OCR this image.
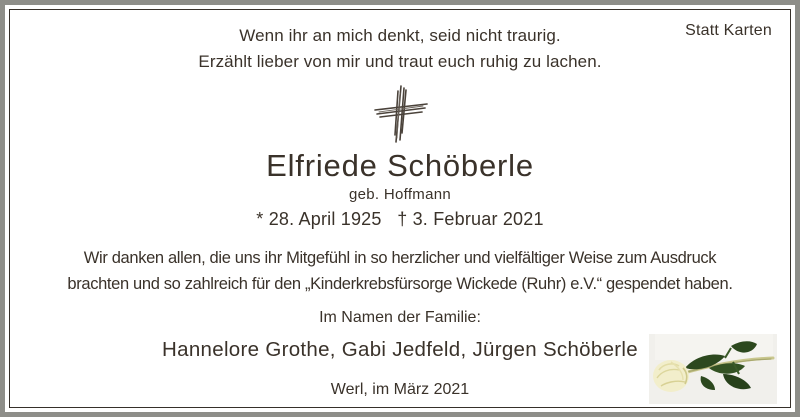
Statt Karten
Wenn ihr an mich denkt, seid nicht traurig.
Erzählt lieber von mir und traut euch ruhig zu lachen.
Elfriede Schöberle
geb. Hoffmann
* 28. April 1925   † 3. Februar 2021
Wir danken allen, die uns ihr Mitgefühl in so herzlicher und vielfältiger Weise zum Ausdruck
brachten und so zahlreich für den „Kinderkrebsfürsorge Wickede (Ruhr) e.V.“ gespendet haben.
Im Namen der Familie:
Hannelore Grothe, Gabi Jedfeld, Jürgen Schöberle
Werl, im März 2021
